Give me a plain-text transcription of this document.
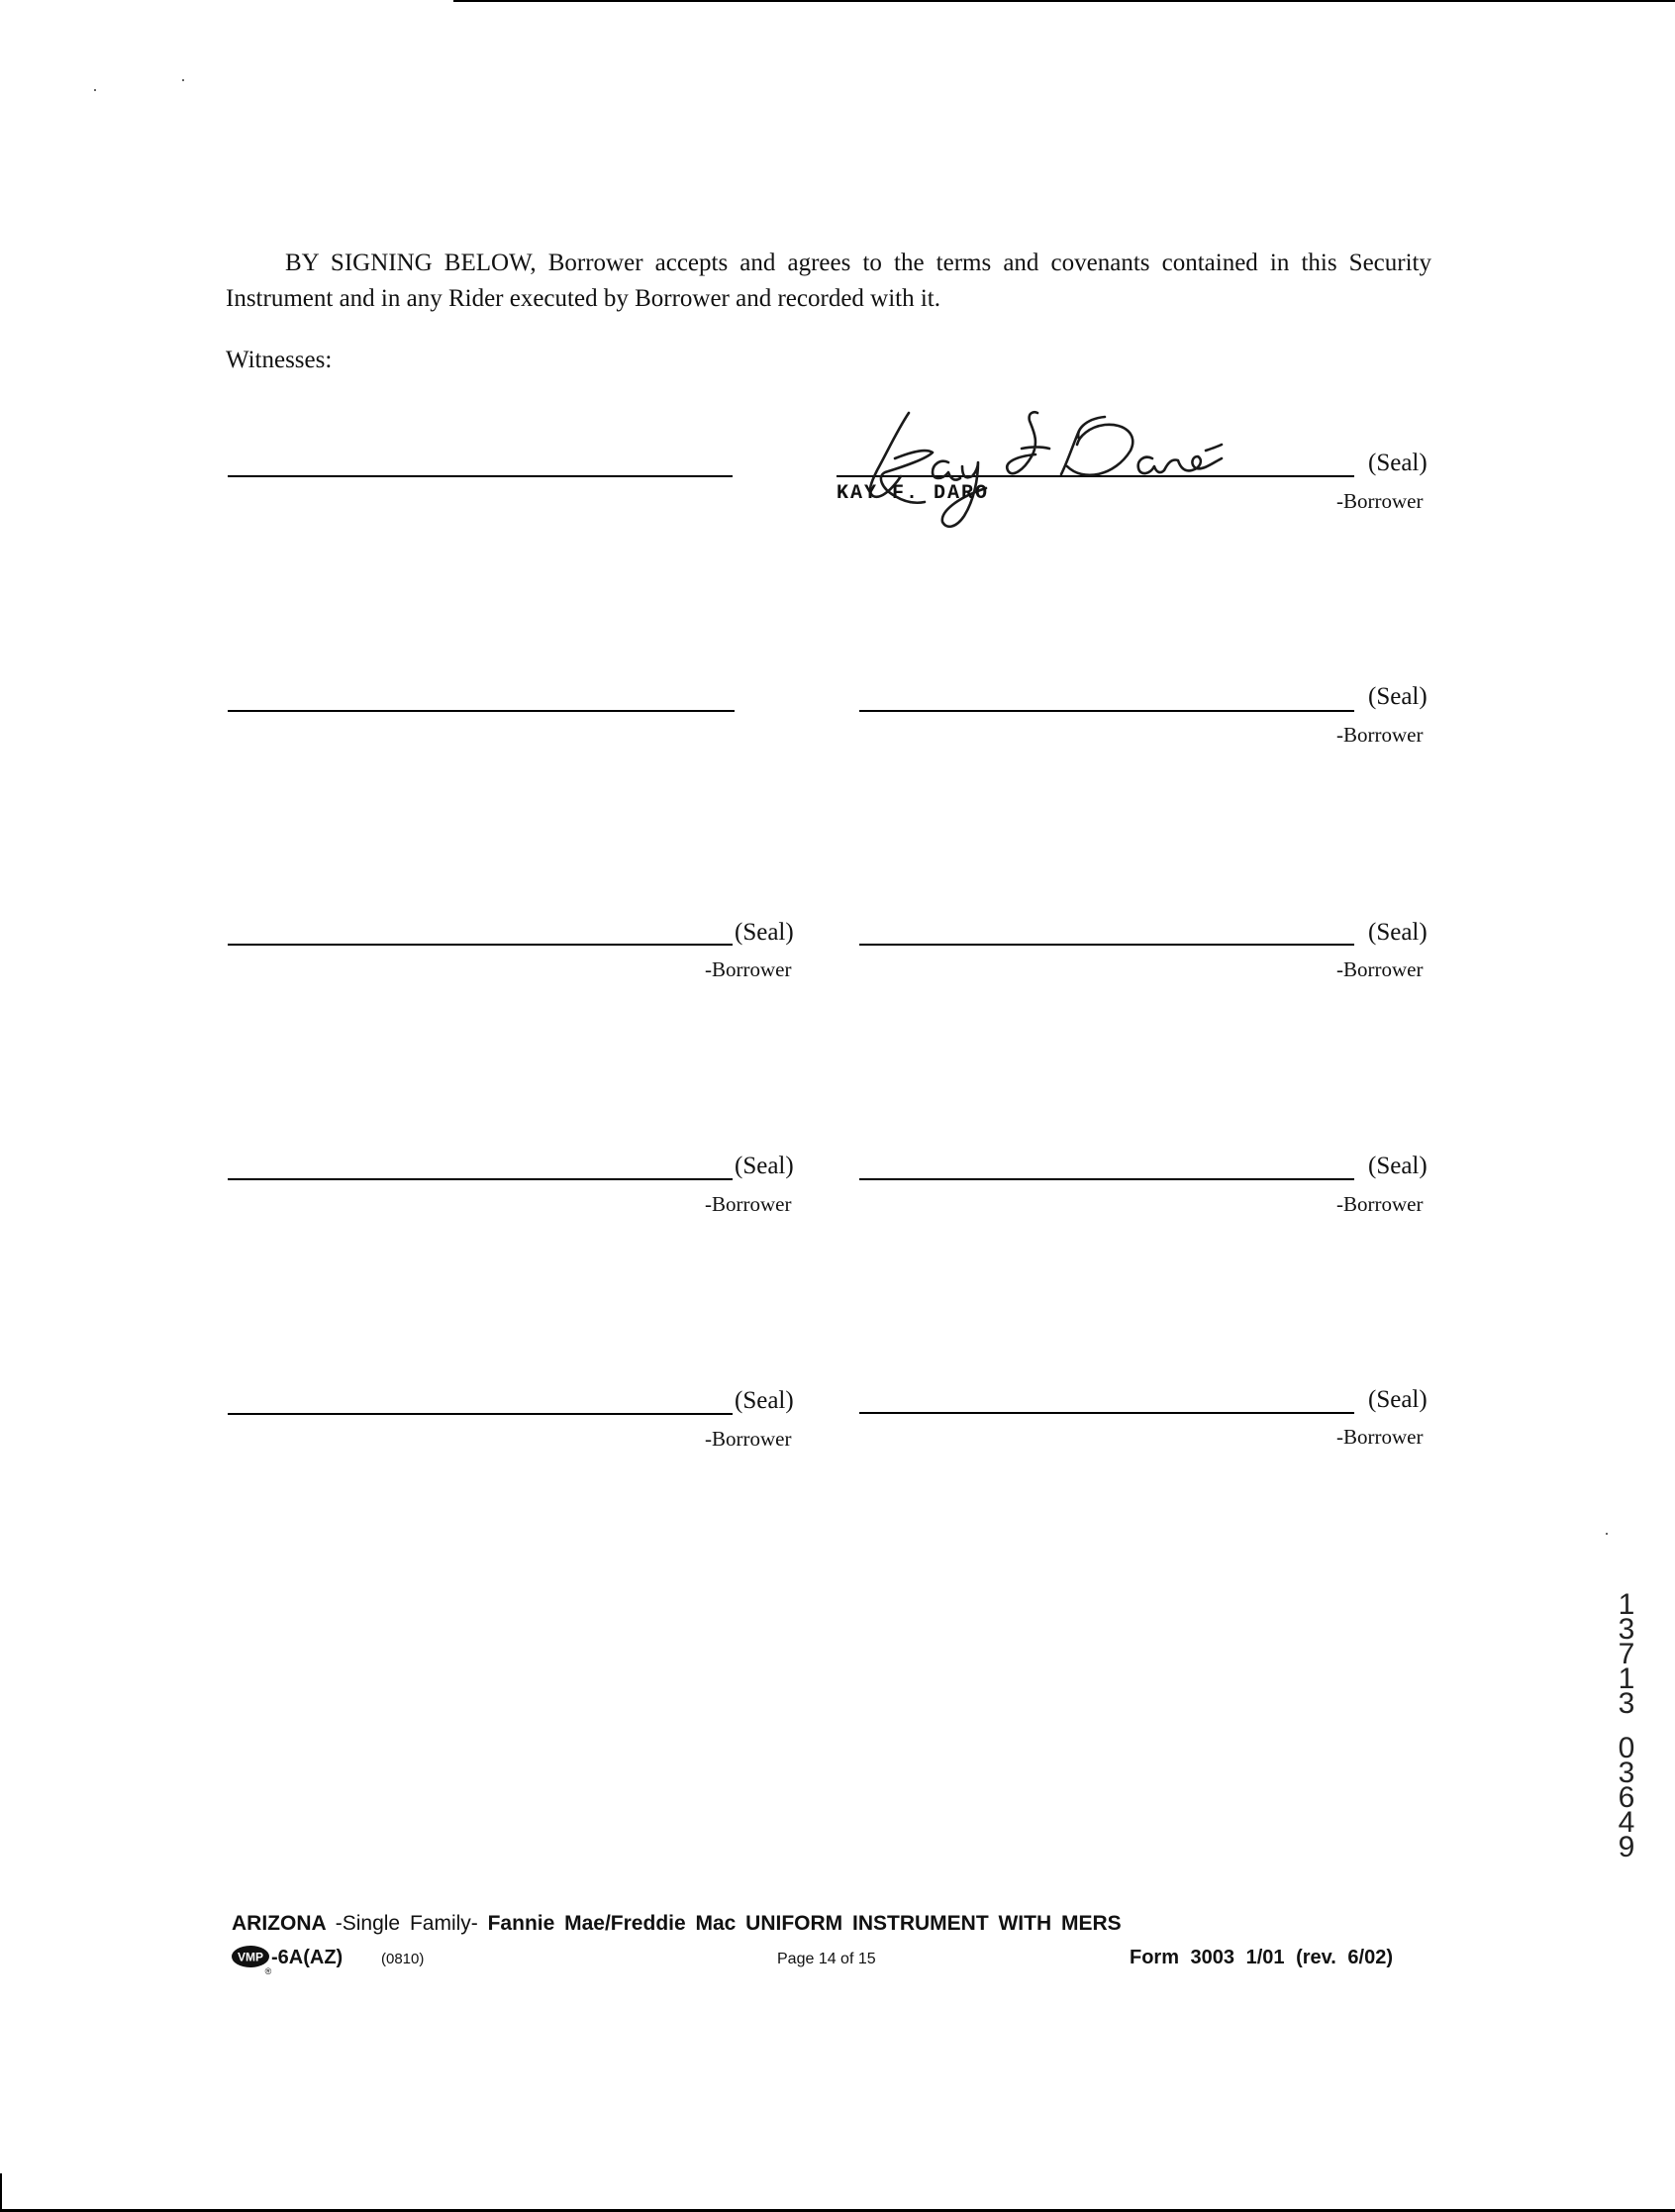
BY SIGNING BELOW, Borrower accepts and agrees to the terms and covenants contained in this Security Instrument and in any Rider executed by Borrower and recorded with it.
Witnesses:
KAY F. DARO
(Seal)
-Borrower
(Seal)
-Borrower
(Seal)
-Borrower
(Seal)
-Borrower
(Seal)
-Borrower
(Seal)
-Borrower
(Seal)
-Borrower
(Seal)
-Borrower
1
3
7
1
3
0
3
6
4
9
ARIZONA -Single Family- Fannie Mae/Freddie Mac UNIFORM INSTRUMENT WITH MERS
VMP
®
-6A(AZ)	(0810)	Page 14 of 15	Form 3003 1/01 (rev. 6/02)
